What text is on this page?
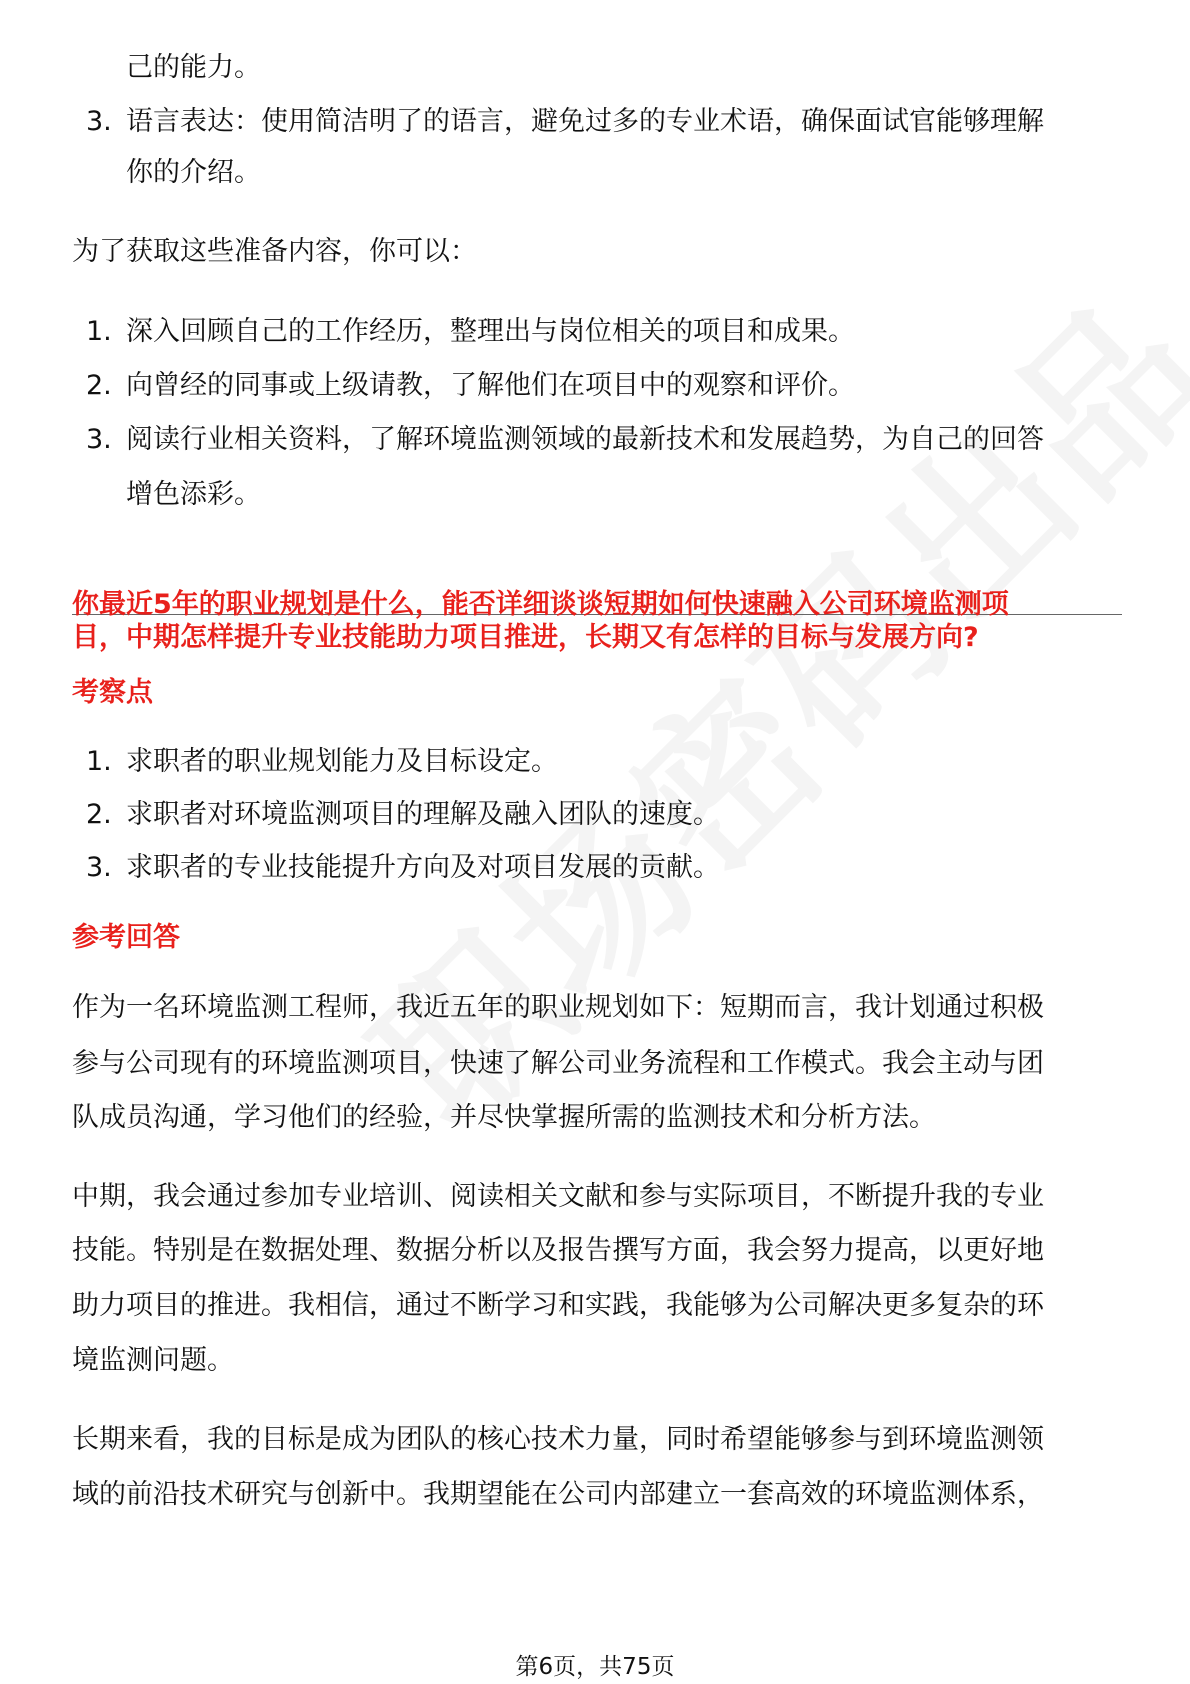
己的能力。

3. 语言表达：使用简洁明了的语言，避免过多的专业术语，确保面试官能够理解

你的介绍。

为了获取这些准备内容，你可以：

1. 深入回顾自己的工作经历，整理出与岗位相关的项目和成果。
2. 向曾经的同事或上级请教，了解他们在项目中的观察和评价。
3. 阅读行业相关资料，了解环境监测领域的最新技术和发展趋势，为自己的回答

增色添彩。

你最近5年的职业规划是什么，能否详细谈谈短期如何快速融入公司环境监测项

目，中期怎样提升专业技能助力项目推进，长期又有怎样的目标与发展方向?

考察点

1. 求职者的职业规划能力及目标设定。
2. 求职者对环境监测项目的理解及融入团队的速度。
3. 求职者的专业技能提升方向及对项目发展的贡献。

参考回答

作为一名环境监测工程师，我近五年的职业规划如下：短期而言，我计划通过积极

参与公司现有的环境监测项目，快速了解公司业务流程和工作模式。我会主动与团

队成员沟通，学习他们的经验，并尽快掌握所需的监测技术和分析方法。

中期，我会通过参加专业培训、阅读相关文献和参与实际项目，不断提升我的专业

技能。特别是在数据处理、数据分析以及报告撰写方面，我会努力提高，以更好地

助力项目的推进。我相信，通过不断学习和实践，我能够为公司解决更多复杂的环

境监测问题。

长期来看，我的目标是成为团队的核心技术力量，同时希望能够参与到环境监测领

域的前沿技术研究与创新中。我期望能在公司内部建立一套高效的环境监测体系，

第6页，共75页
